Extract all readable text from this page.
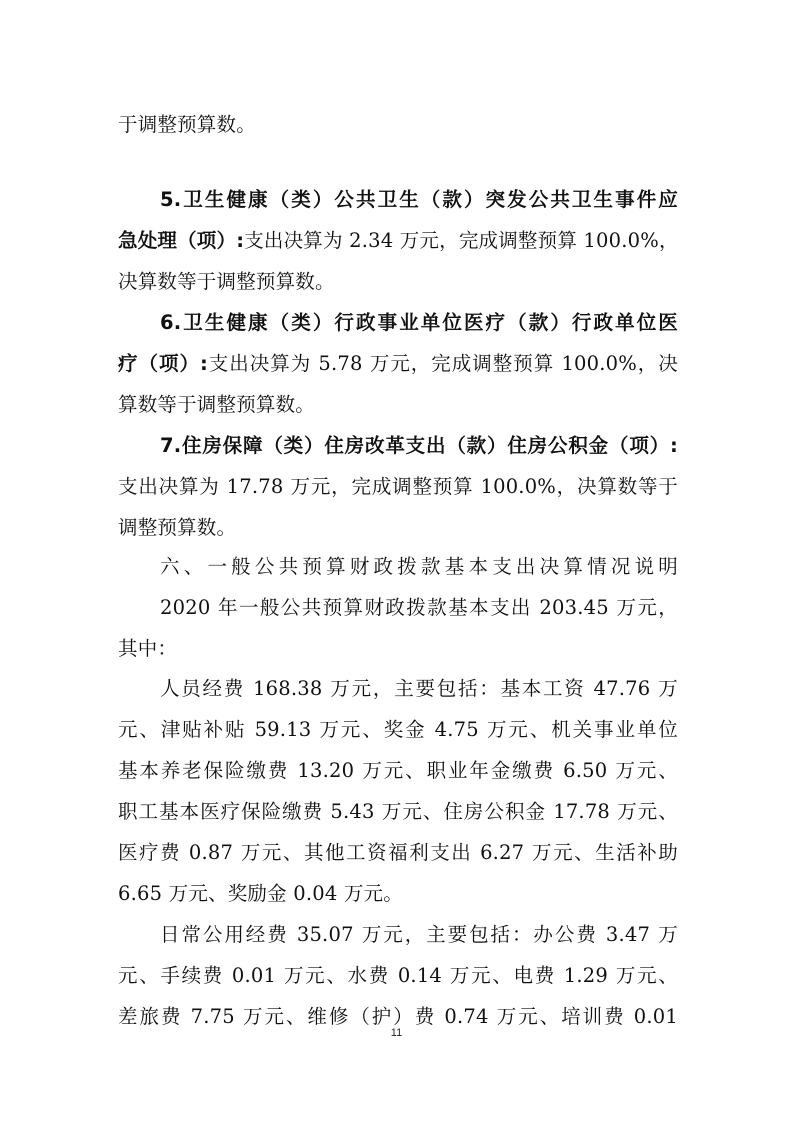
于调整预算数。
5.卫生健康（类）公共卫生（款）突发公共卫生事件应
急处理（项）:支出决算为 2.34 万元，完成调整预算 100.0%，
决算数等于调整预算数。
6.卫生健康（类）行政事业单位医疗（款）行政单位医
疗（项）:支出决算为 5.78 万元，完成调整预算 100.0%，决
算数等于调整预算数。
7.住房保障（类）住房改革支出（款）住房公积金（项）:
支出决算为 17.78 万元，完成调整预算 100.0%，决算数等于
调整预算数。
六、一般公共预算财政拨款基本支出决算情况说明
2020 年一般公共预算财政拨款基本支出 203.45 万元，
其中：
人员经费 168.38 万元，主要包括：基本工资 47.76 万
元、津贴补贴 59.13 万元、奖金 4.75 万元、机关事业单位
基本养老保险缴费 13.20 万元、职业年金缴费 6.50 万元、
职工基本医疗保险缴费 5.43 万元、住房公积金 17.78 万元、
医疗费 0.87 万元、其他工资福利支出 6.27 万元、生活补助
6.65 万元、奖励金 0.04 万元。
日常公用经费 35.07 万元，主要包括：办公费 3.47 万
元、手续费 0.01 万元、水费 0.14 万元、电费 1.29 万元、
差旅费 7.75 万元、维修（护）费 0.74 万元、培训费 0.01
11
